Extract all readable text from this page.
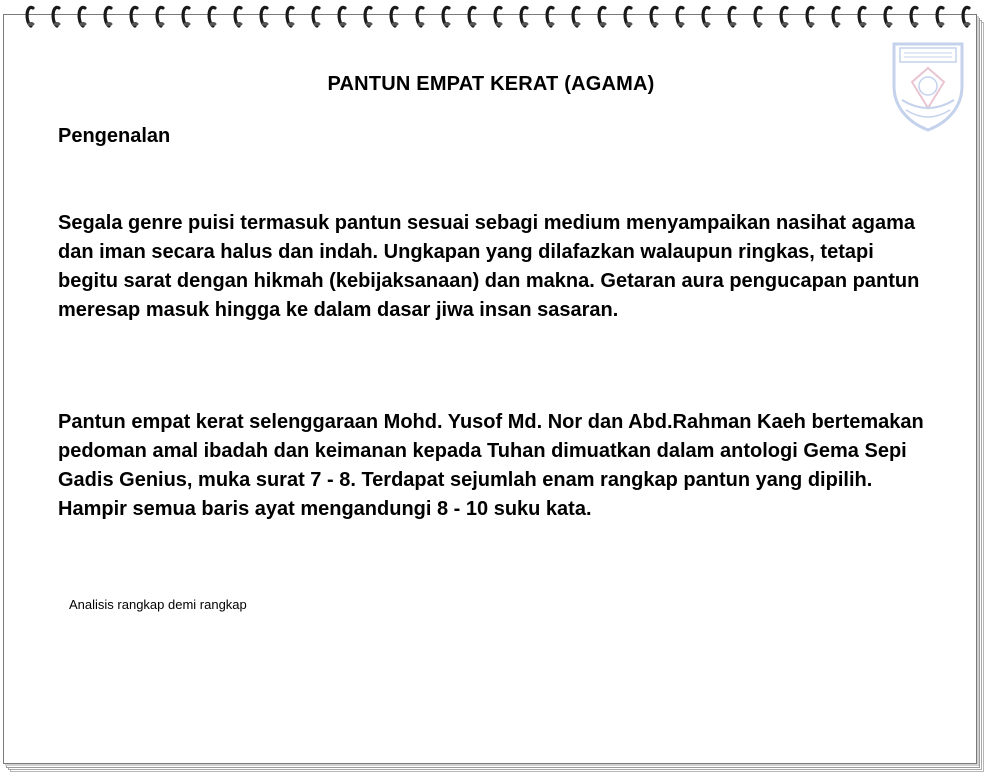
PANTUN EMPAT KERAT (AGAMA)
Pengenalan

Segala genre puisi termasuk pantun sesuai sebagi medium menyampaikan nasihat agama dan iman secara halus dan indah. Ungkapan yang dilafazkan walaupun ringkas, tetapi begitu sarat dengan hikmah (kebijaksanaan) dan makna. Getaran aura pengucapan pantun meresap masuk hingga ke dalam dasar jiwa insan sasaran.

Pantun empat kerat selenggaraan Mohd. Yusof Md. Nor dan Abd.Rahman Kaeh bertemakan pedoman amal ibadah dan keimanan kepada Tuhan dimuatkan dalam antologi Gema Sepi Gadis Genius, muka surat 7 - 8. Terdapat sejumlah enam rangkap pantun yang dipilih. Hampir semua baris ayat mengandungi 8 - 10 suku kata.

Analisis rangkap demi rangkap
